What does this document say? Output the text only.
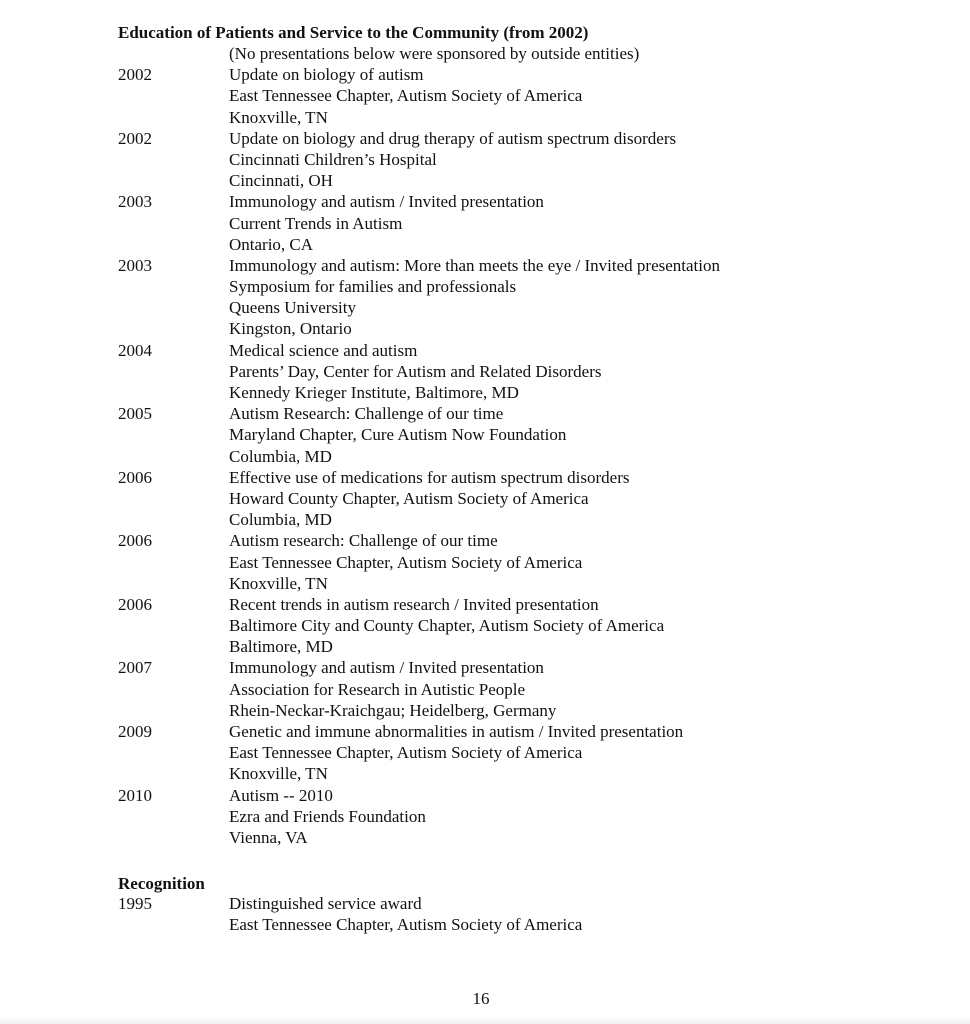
Education of Patients and Service to the Community (from 2002)
(No presentations below were sponsored by outside entities)
2002	Update on biology of autism
East Tennessee Chapter, Autism Society of America
Knoxville, TN
2002	Update on biology and drug therapy of autism spectrum disorders
Cincinnati Children’s Hospital
Cincinnati, OH
2003	Immunology and autism / Invited presentation
Current Trends in Autism
Ontario, CA
2003	Immunology and autism: More than meets the eye / Invited presentation
Symposium for families and professionals
Queens University
Kingston, Ontario
2004	Medical science and autism
Parents’ Day, Center for Autism and Related Disorders
Kennedy Krieger Institute, Baltimore, MD
2005	Autism Research: Challenge of our time
Maryland Chapter, Cure Autism Now Foundation
Columbia, MD
2006	Effective use of medications for autism spectrum disorders
Howard County Chapter, Autism Society of America
Columbia, MD
2006	Autism research: Challenge of our time
East Tennessee Chapter, Autism Society of America
Knoxville, TN
2006	Recent trends in autism research / Invited presentation
Baltimore City and County Chapter, Autism Society of America
Baltimore, MD
2007	Immunology and autism / Invited presentation
Association for Research in Autistic People
Rhein-Neckar-Kraichgau; Heidelberg, Germany
2009	Genetic and immune abnormalities in autism / Invited presentation
East Tennessee Chapter, Autism Society of America
Knoxville, TN
2010	Autism -- 2010
Ezra and Friends Foundation
Vienna, VA
Recognition
1995	Distinguished service award
East Tennessee Chapter, Autism Society of America
16
